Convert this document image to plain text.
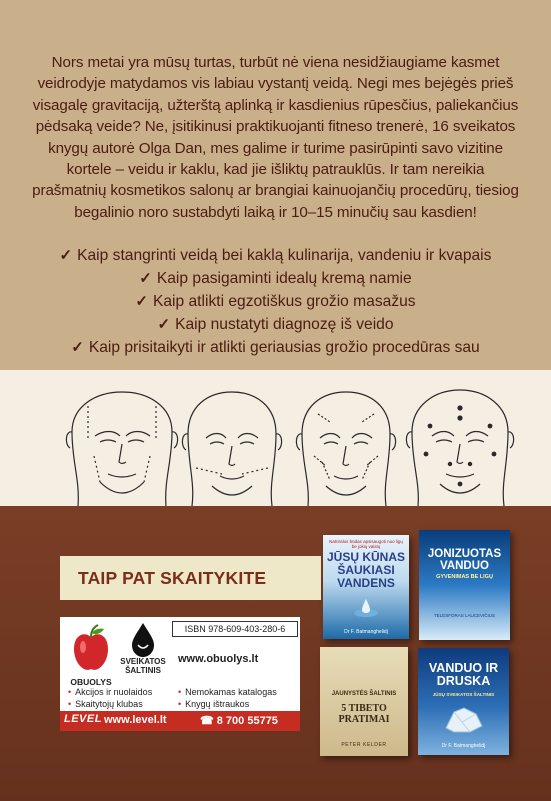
Nors metai yra mūsų turtas, turbūt nė viena nesidžiaugiame kasmet
veidrodyje matydamos vis labiau vystantį veidą. Negi mes bejėgės prieš
visagalę gravitaciją, užterštą aplinką ir kasdienius rūpesčius, paliekančius
pėdsaką veide? Ne, įsitikinusi praktikuojanti fitneso trenerė, 16 sveikatos
knygų autorė Olga Dan, mes galime ir turime pasirūpinti savo vizitine
kortele – veidu ir kaklu, kad jie išliktų patrauklūs. Ir tam nereikia
prašmatnių kosmetikos salonų ar brangiai kainuojančių procedūrų, tiesiog
begalinio noro sustabdyti laiką ir 10–15 minučių sau kasdien!
✓ Kaip stangrinti veidą bei kaklą kulinarija, vandeniu ir kvapais
✓ Kaip pasigaminti idealų kremą namie
✓ Kaip atlikti egzotiškus grožio masažus
✓ Kaip nustatyti diagnozę iš veido
✓ Kaip prisitaikyti ir atlikti geriausias grožio procedūras sau
TAIP PAT SKAITYKITE
OBUOLYS
SVEIKATOS
ŠALTINIS
ISBN 978-609-403-280-6
www.obuolys.lt
• Akcijos ir nuolaidos
• Skaitytojų klubas
• Nemokamas katalogas
• Knygų ištraukos
LEVEL www.level.lt	☎ 8 700 55775
Natūralus būdas apsisaugoti nuo ligų be jokių vaistų
JŪSŲ KŪNAS ŠAUKIASI VANDENS
Dr F. Batmanghelidj
JONIZUOTAS VANDUO
GYVENIMAS BE LIGŲ
TELESFORAS LAUCEVIČIUS
JAUNYSTĖS ŠALTINIS
5 TIBETO PRATIMAI
PETER KELDER
VANDUO IR DRUSKA
JŪSŲ SVEIKATOS ŠALTINIS
Dr F. Batmanghelidj
